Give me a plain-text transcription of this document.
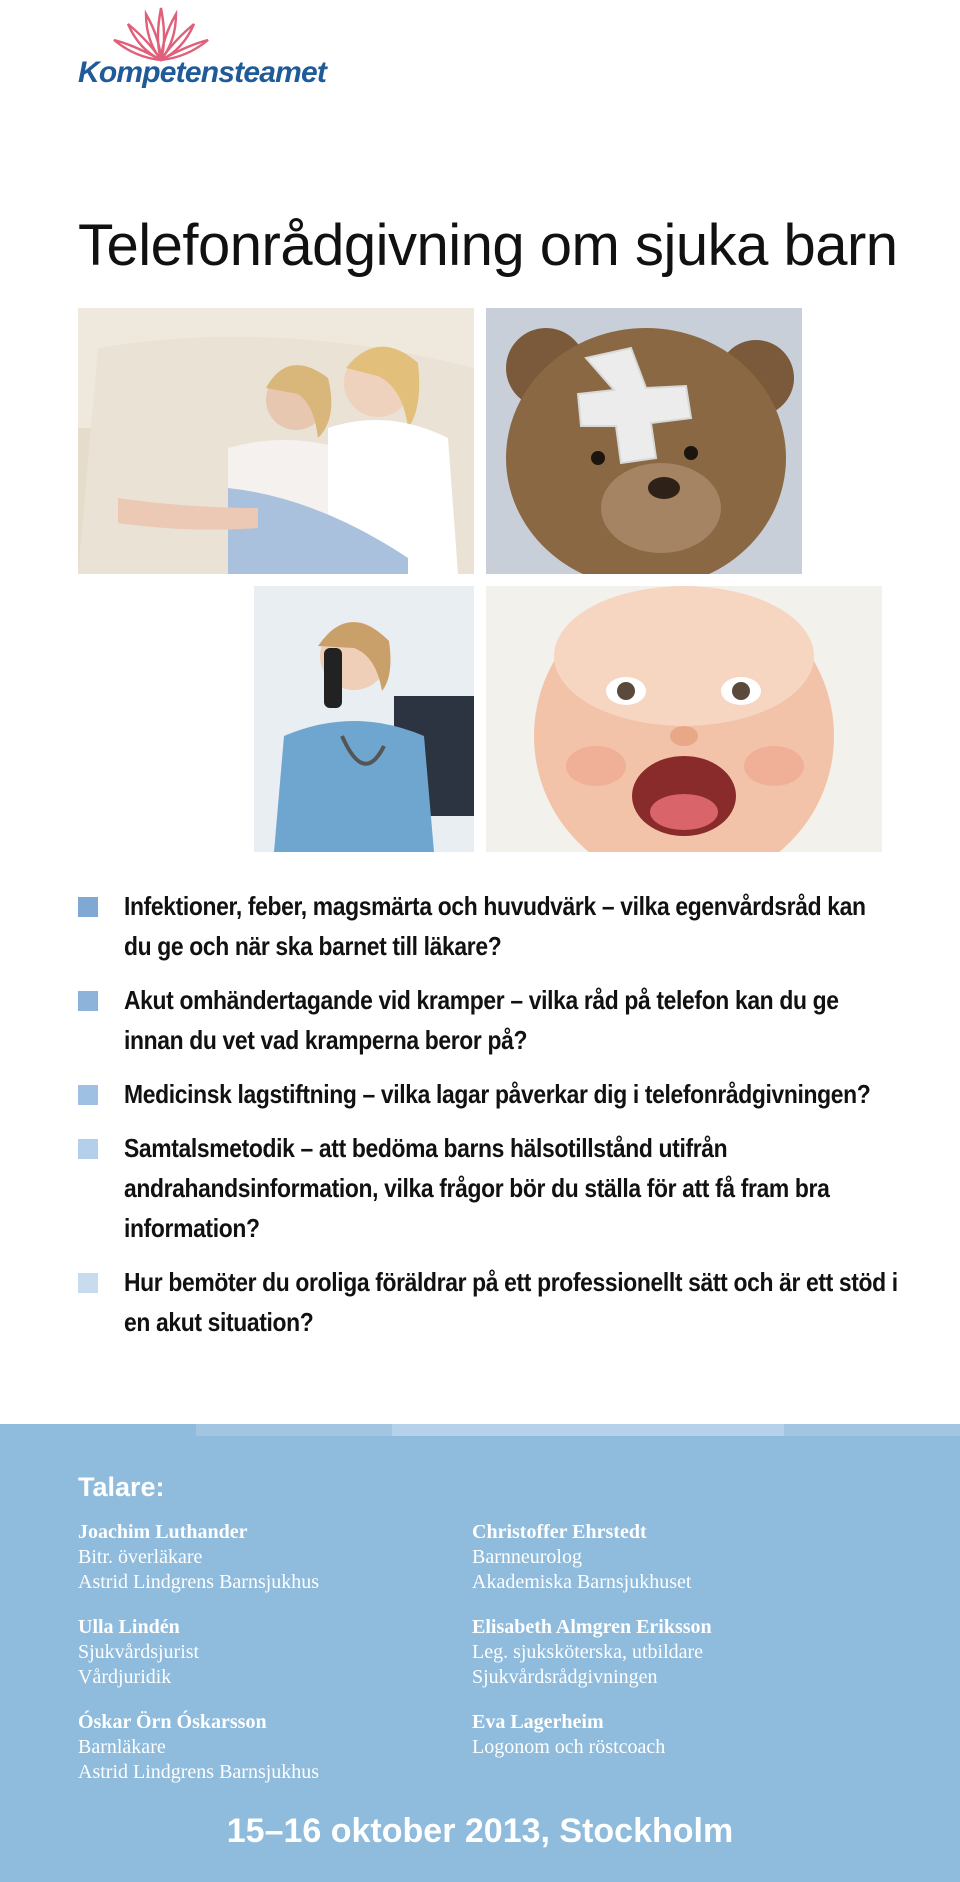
Kompetensteamet
Telefonrådgivning om sjuka barn
Infektioner, feber, magsmärta och huvudvärk – vilka egenvårdsråd kan du ge och när ska barnet till läkare?
Akut omhändertagande vid kramper – vilka råd på telefon kan du ge innan du vet vad kramperna beror på?
Medicinsk lagstiftning – vilka lagar påverkar dig i telefonrådgivningen?
Samtalsmetodik – att bedöma barns hälsotillstånd utifrån andrahandsinformation, vilka frågor bör du ställa för att få fram bra information?
Hur bemöter du oroliga föräldrar på ett professionellt sätt och är ett stöd i en akut situation?
Talare:
Joachim Luthander
Bitr. överläkare
Astrid Lindgrens Barnsjukhus
Christoffer Ehrstedt
Barnneurolog
Akademiska Barnsjukhuset
Ulla Lindén
Sjukvårdsjurist
Vårdjuridik
Elisabeth Almgren Eriksson
Leg. sjuksköterska, utbildare
Sjukvårdsrådgivningen
Óskar Örn Óskarsson
Barnläkare
Astrid Lindgrens Barnsjukhus
Eva Lagerheim
Logonom och röstcoach

15–16 oktober 2013, Stockholm
